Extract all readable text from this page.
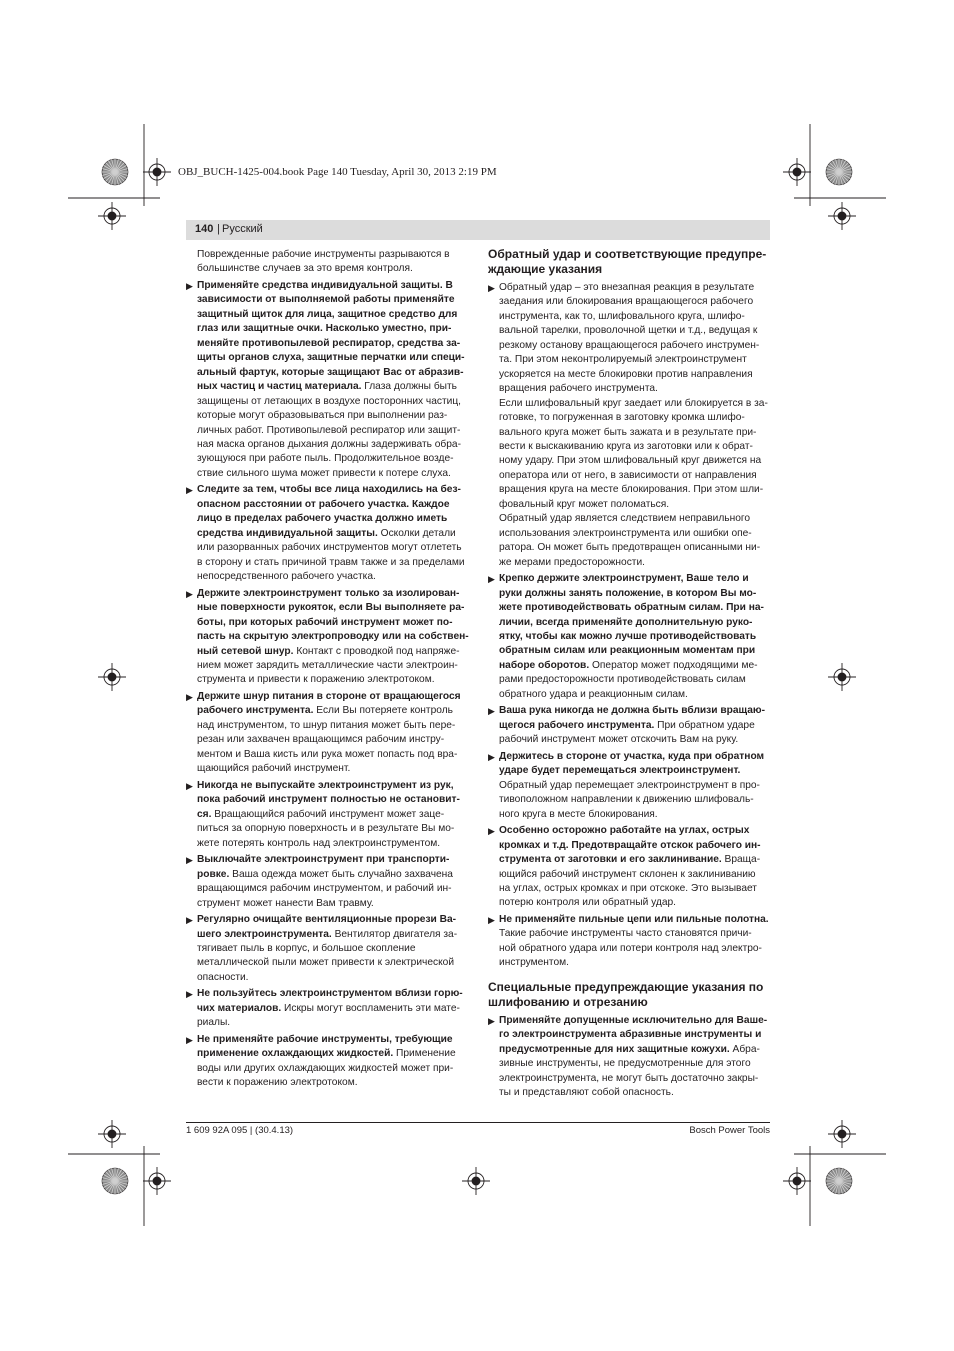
OBJ_BUCH-1425-004.book Page 140 Tuesday, April 30, 2013 2:19 PM
140 | Русский
Поврежденные рабочие инструменты разрываются в
большинстве случаев за это время контроля.
▶ Применяйте средства индивидуальной защиты. В
зависимости от выполняемой работы применяйте
защитный щиток для лица, защитное средство для
глаз или защитные очки. Насколько уместно, при-
меняйте противопылевой респиратор, средства за-
щиты органов слуха, защитные перчатки или специ-
альный фартук, которые защищают Вас от абразив-
ных частиц и частиц материала. Глаза должны быть
защищены от летающих в воздухе посторонних частиц,
которые могут образовываться при выполнении раз-
личных работ. Противопылевой респиратор или защит-
ная маска органов дыхания должны задерживать обра-
зующуюся при работе пыль. Продолжительное возде-
ствие сильного шума может привести к потере слуха.
▶ Следите за тем, чтобы все лица находились на без-
опасном расстоянии от рабочего участка. Каждое
лицо в пределах рабочего участка должно иметь
средства индивидуальной защиты. Осколки детали
или разорванных рабочих инструментов могут отлететь
в сторону и стать причиной травм также и за пределами
непосредственного рабочего участка.
▶ Держите электроинструмент только за изолирован-
ные поверхности рукояток, если Вы выполняете ра-
боты, при которых рабочий инструмент может по-
пасть на скрытую электропроводку или на собствен-
ный сетевой шнур. Контакт с проводкой под напряже-
нием может зарядить металлические части электроин-
струмента и привести к поражению электротоком.
▶ Держите шнур питания в стороне от вращающегося
рабочего инструмента. Если Вы потеряете контроль
над инструментом, то шнур питания может быть пере-
резан или захвачен вращающимся рабочим инстру-
ментом и Ваша кисть или рука может попасть под вра-
щающийся рабочий инструмент.
▶ Никогда не выпускайте электроинструмент из рук,
пока рабочий инструмент полностью не остановит-
ся. Вращающийся рабочий инструмент может заце-
питься за опорную поверхность и в результате Вы мо-
жете потерять контроль над электроинструментом.
▶ Выключайте электроинструмент при транспорти-
ровке. Ваша одежда может быть случайно захвачена
вращающимся рабочим инструментом, и рабочий ин-
струмент может нанести Вам травму.
▶ Регулярно очищайте вентиляционные прорези Ва-
шего электроинструмента. Вентилятор двигателя за-
тягивает пыль в корпус, и большое скопление
металлической пыли может привести к электрической
опасности.
▶ Не пользуйтесь электроинструментом вблизи горю-
чих материалов. Искры могут воспламенить эти мате-
риалы.
▶ Не применяйте рабочие инструменты, требующие
применение охлаждающих жидкостей. Применение
воды или других охлаждающих жидкостей может при-
вести к поражению электротоком.
Обратный удар и соответствующие предупре-
ждающие указания
▶ Обратный удар – это внезапная реакция в результате
заедания или блокирования вращающегося рабочего
инструмента, как то, шлифовального круга, шлифо-
вальной тарелки, проволочной щетки и т.д., ведущая к
резкому останову вращающегося рабочего инструмен-
та. При этом неконтролируемый электроинструмент
ускоряется на месте блокировки против направления
вращения рабочего инструмента.
Если шлифовальный круг заедает или блокируется в за-
готовке, то погруженная в заготовку кромка шлифо-
вального круга может быть зажата и в результате при-
вести к выскакиванию круга из заготовки или к обрат-
ному удару. При этом шлифовальный круг движется на
оператора или от него, в зависимости от направления
вращения круга на месте блокирования. При этом шли-
фовальный круг может поломаться.
Обратный удар является следствием неправильного
использования электроинструмента или ошибки опе-
ратора. Он может быть предотвращен описанными ни-
же мерами предосторожности.
▶ Крепко держите электроинструмент, Ваше тело и
руки должны занять положение, в котором Вы мо-
жете противодействовать обратным силам. При на-
личии, всегда применяйте дополнительную руко-
ятку, чтобы как можно лучше противодействовать
обратным силам или реакционным моментам при
наборе оборотов. Оператор может подходящими ме-
рами предосторожности противодействовать силам
обратного удара и реакционным силам.
▶ Ваша рука никогда не должна быть вблизи вращаю-
щегося рабочего инструмента. При обратном ударе
рабочий инструмент может отскочить Вам на руку.
▶ Держитесь в стороне от участка, куда при обратном
ударе будет перемещаться электроинструмент.
Обратный удар перемещает электроинструмент в про-
тивоположном направлении к движению шлифоваль-
ного круга в месте блокирования.
▶ Особенно осторожно работайте на углах, острых
кромках и т.д. Предотвращайте отскок рабочего ин-
струмента от заготовки и его заклинивание. Враща-
ющийся рабочий инструмент склонен к заклиниванию
на углах, острых кромках и при отскоке. Это вызывает
потерю контроля или обратный удар.
▶ Не применяйте пильные цепи или пильные полотна.
Такие рабочие инструменты часто становятся причи-
ной обратного удара или потери контроля над электро-
инструментом.
Специальные предупреждающие указания по
шлифованию и отрезанию
▶ Применяйте допущенные исключительно для Ваше-
го электроинструмента абразивные инструменты и
предусмотренные для них защитные кожухи. Абра-
зивные инструменты, не предусмотренные для этого
электроинструмента, не могут быть достаточно закры-
ты и представляют собой опасность.
1 609 92A 095 | (30.4.13)	Bosch Power Tools
